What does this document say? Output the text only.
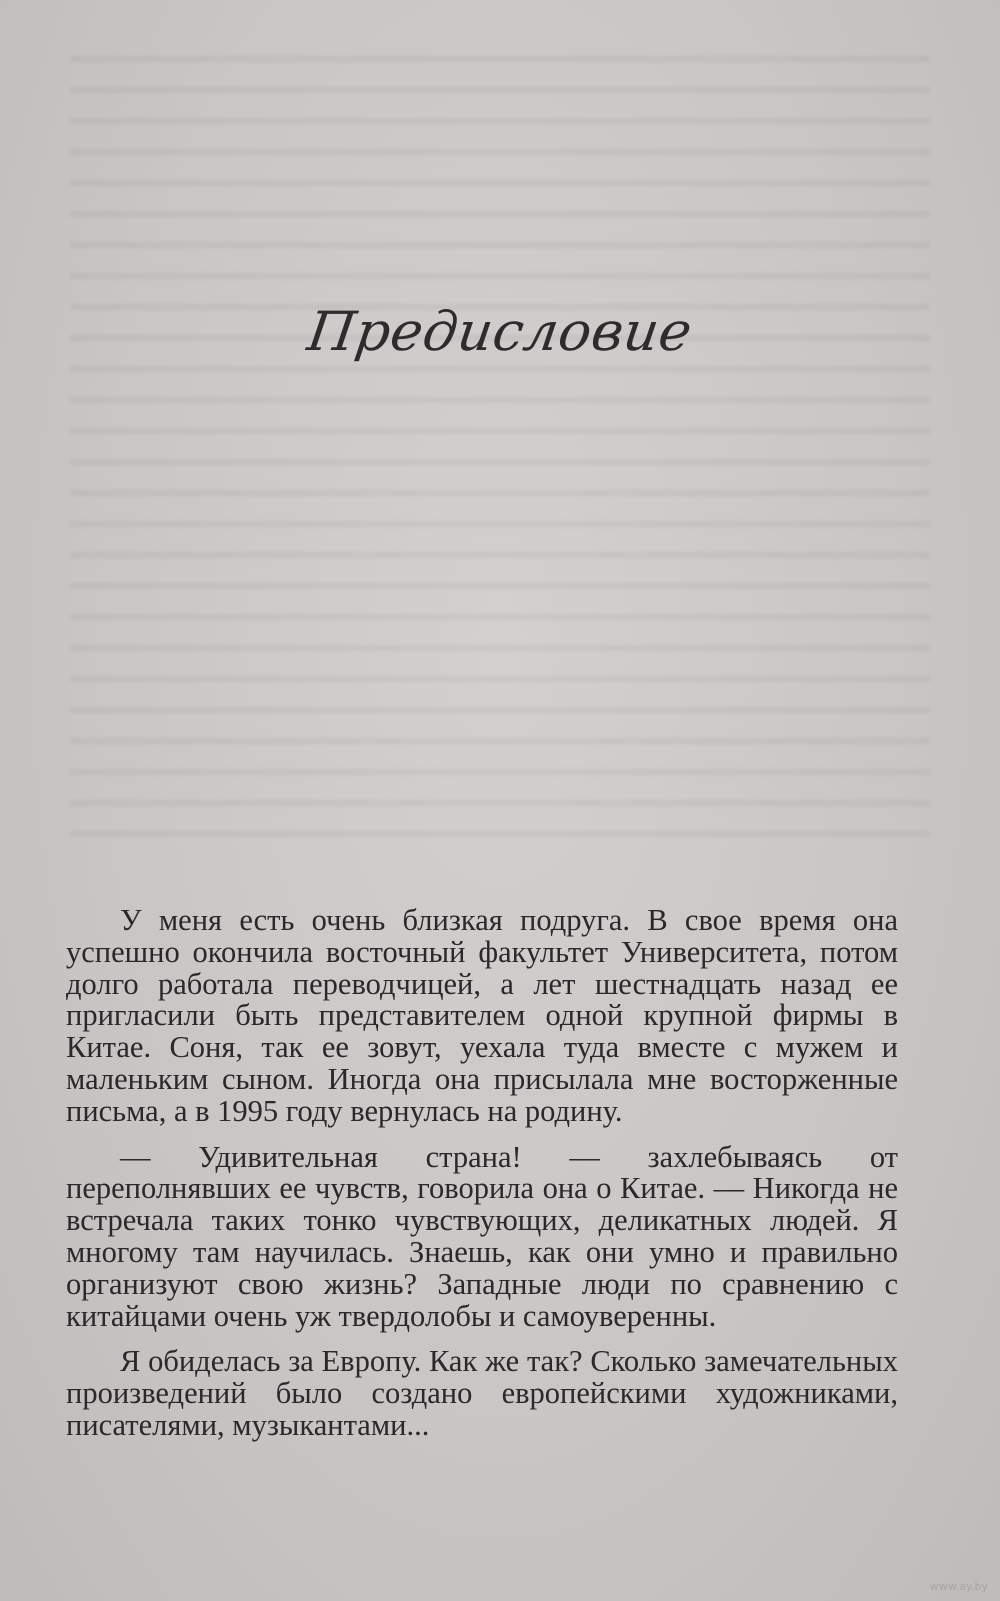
Предисловие

У меня есть очень близкая подруга. В свое время она успешно окончила восточный факультет Университета, потом долго работала переводчицей, а лет шестнадцать назад ее пригласили быть представителем одной крупной фирмы в Китае. Соня, так ее зовут, уехала туда вместе с мужем и маленьким сыном. Иногда она присылала мне восторженные письма, а в 1995 году вернулась на родину.

— Удивительная страна! — захлебываясь от переполнявших ее чувств, говорила она о Китае. — Никогда не встречала таких тонко чувствующих, деликатных людей. Я многому там научилась. Знаешь, как они умно и правильно организуют свою жизнь? Западные люди по сравнению с китайцами очень уж твердолобы и самоуверенны.

Я обиделась за Европу. Как же так? Сколько замечательных произведений было создано европейскими художниками, писателями, музыкантами...

www.ay.by
